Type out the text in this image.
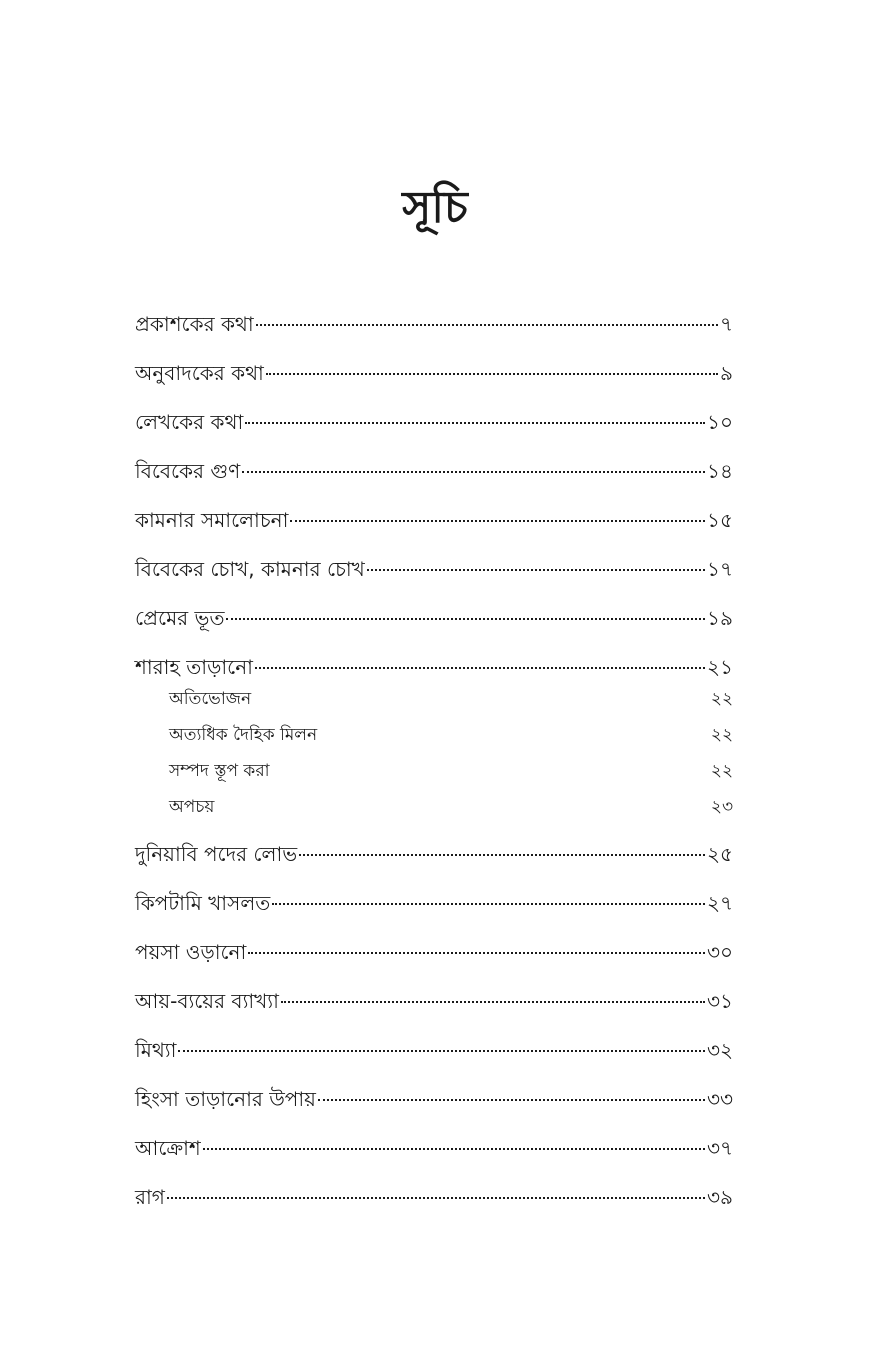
সূচি
প্রকাশকের কথা	৭
অনুবাদকের কথা	৯
লেখকের কথা	১০
বিবেকের গুণ	১৪
কামনার সমালোচনা	১৫
বিবেকের চোখ, কামনার চোখ	১৭
প্রেমের ভূত	১৯
শারাহ তাড়ানো	২১
অতিভোজন	২২
অত্যধিক দৈহিক মিলন	২২
সম্পদ স্তূপ করা	২২
অপচয়	২৩
দুনিয়াবি পদের লোভ	২৫
কিপটামি খাসলত	২৭
পয়সা ওড়ানো	৩০
আয়-ব্যয়ের ব্যাখ্যা	৩১
মিথ্যা	৩২
হিংসা তাড়ানোর উপায়	৩৩
আক্রোশ	৩৭
রাগ	৩৯
